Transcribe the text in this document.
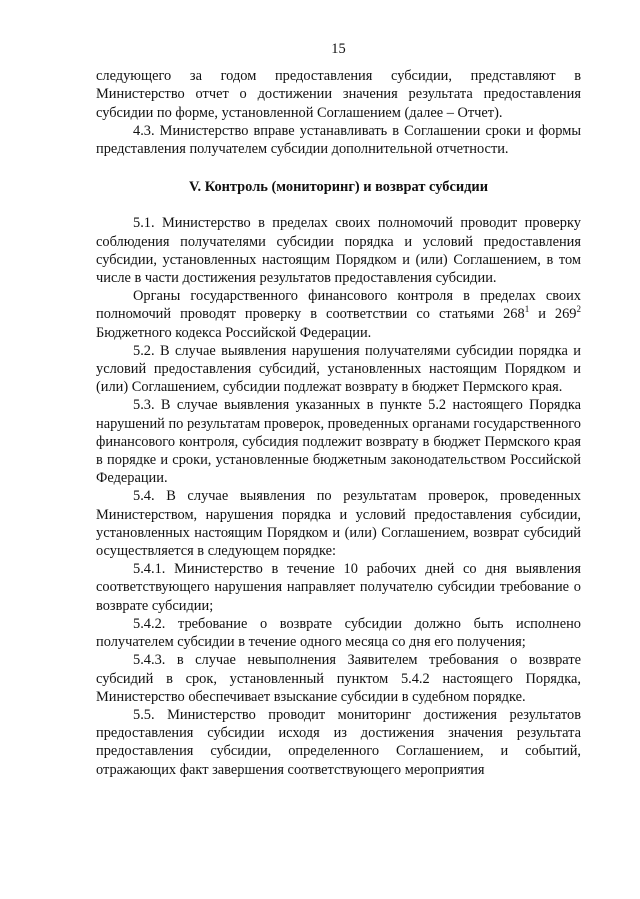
15

следующего за годом предоставления субсидии, представляют в Министерство отчет о достижении значения результата предоставления субсидии по форме, установленной Соглашением (далее – Отчет).

4.3. Министерство вправе устанавливать в Соглашении сроки и формы представления получателем субсидии дополнительной отчетности.

V. Контроль (мониторинг) и возврат субсидии

5.1. Министерство в пределах своих полномочий проводит проверку соблюдения получателями субсидии порядка и условий предоставления субсидии, установленных настоящим Порядком и (или) Соглашением, в том числе в части достижения результатов предоставления субсидии.

Органы государственного финансового контроля в пределах своих полномочий проводят проверку в соответствии со статьями $268^1$ и $269^2$ Бюджетного кодекса Российской Федерации.

5.2. В случае выявления нарушения получателями субсидии порядка и условий предоставления субсидий, установленных настоящим Порядком и (или) Соглашением, субсидии подлежат возврату в бюджет Пермского края.

5.3. В случае выявления указанных в пункте 5.2 настоящего Порядка нарушений по результатам проверок, проведенных органами государственного финансового контроля, субсидия подлежит возврату в бюджет Пермского края в порядке и сроки, установленные бюджетным законодательством Российской Федерации.

5.4. В случае выявления по результатам проверок, проведенных Министерством, нарушения порядка и условий предоставления субсидии, установленных настоящим Порядком и (или) Соглашением, возврат субсидий осуществляется в следующем порядке:

5.4.1. Министерство в течение 10 рабочих дней со дня выявления соответствующего нарушения направляет получателю субсидии требование о возврате субсидии;

5.4.2. требование о возврате субсидии должно быть исполнено получателем субсидии в течение одного месяца со дня его получения;

5.4.3. в случае невыполнения Заявителем требования о возврате субсидий в срок, установленный пунктом 5.4.2 настоящего Порядка, Министерство обеспечивает взыскание субсидии в судебном порядке.

5.5. Министерство проводит мониторинг достижения результатов предоставления субсидии исходя из достижения значения результата предоставления субсидии, определенного Соглашением, и событий, отражающих факт завершения соответствующего мероприятия
